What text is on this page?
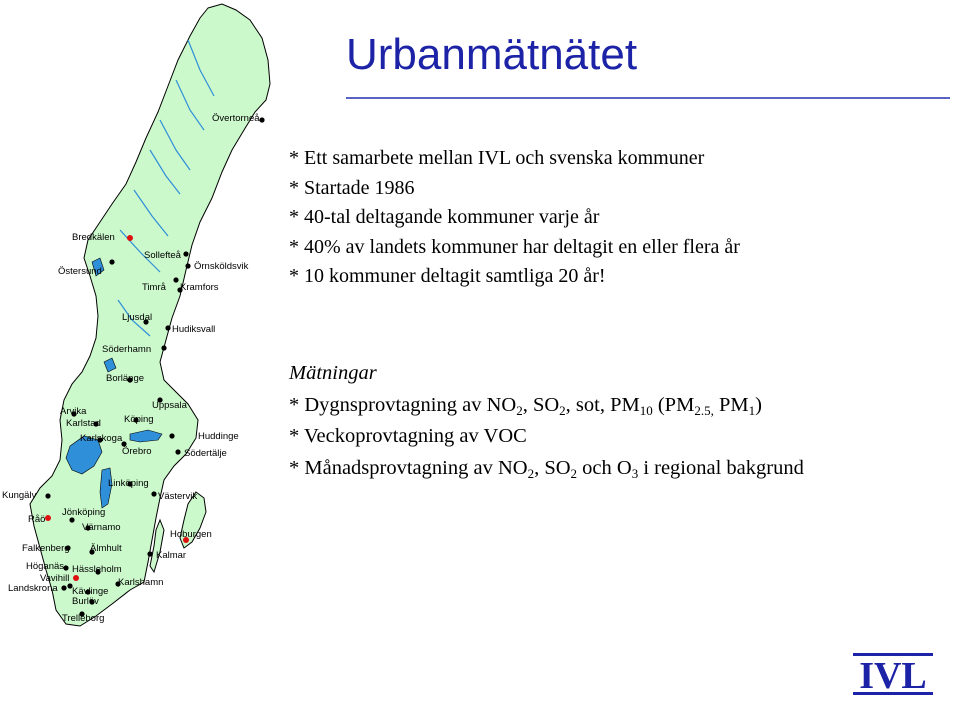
Övertorneå
Bredkälen
Sollefteå
Örnsköldsvik
Östersund
Timrå Kramfors
Ljusdal
Hudiksvall
Söderhamn
Borlänge
Uppsala
Arvika
Karlstad Köping
Karlskoga	Huddinge
Örebro	Södertälje
Linköping
Kungälv	Västervik
Råö
Jönköping
Värnamo
Hoburgen
Falkenberg Älmhult
Kalmar
Höganäs Hässleholm
Vavihill	Karlshamn
Landskrona Kävlinge
Burlöv
Trelleborg
Urbanmätnätet
* Ett samarbete mellan IVL och svenska kommuner
* Startade 1986
* 40-tal deltagande kommuner varje år
* 40% av landets kommuner har deltagit en eller flera år
* 10 kommuner deltagit samtliga 20 år!
Mätningar
* Dygnsprovtagning av $NO_2$, $SO_2$, sot, $PM_{10}$ ($PM_{2.5,}$ $PM_1$)
* Veckoprovtagning av VOC
* Månadsprovtagning av $NO_2$, $SO_2$ och $O_3$ i regional bakgrund
IVL
